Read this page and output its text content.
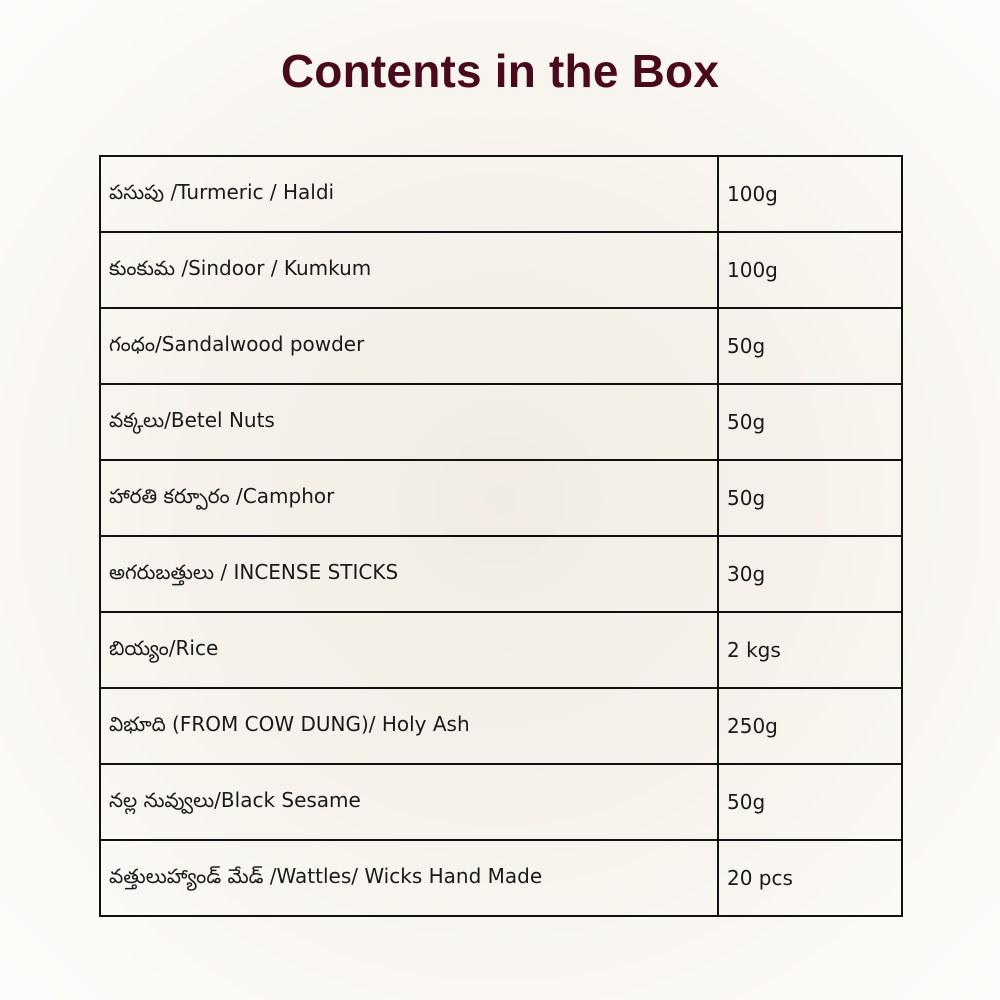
Contents in the Box
పసుపు /Turmeric / Haldi	100g
కుంకుమ /Sindoor / Kumkum	100g
గంధం/Sandalwood powder	50g
వక్కలు/Betel Nuts	50g
హారతి కర్పూరం /Camphor	50g
అగరుబత్తులు / INCENSE STICKS	30g
బియ్యం/Rice	2 kgs
విభూది (FROM COW DUNG)/ Holy Ash	250g
నల్ల నువ్వులు/Black Sesame	50g
వత్తులుహ్యాండ్ మేడ్ /Wattles/ Wicks Hand Made	20 pcs
